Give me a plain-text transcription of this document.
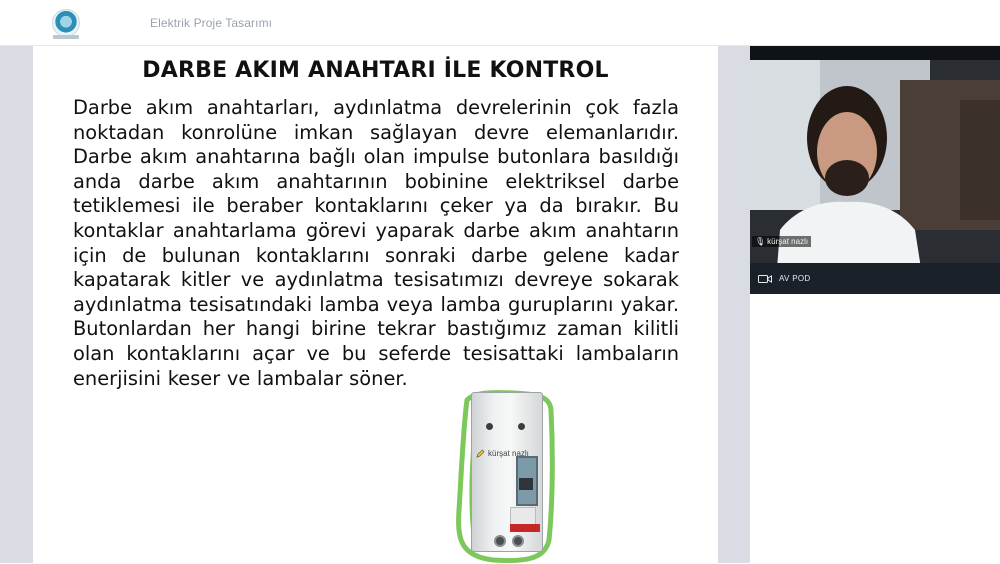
Elektrik Proje Tasarımı
DARBE AKIM ANAHTARI İLE KONTROL
Darbe akım anahtarları, aydınlatma devrelerinin çok fazla noktadan konrolüne imkan sağlayan devre elemanlarıdır. Darbe akım anahtarına bağlı olan impulse butonlara basıldığı anda darbe akım anahtarının bobinine elektriksel darbe tetiklemesi ile beraber kontaklarını çeker ya da bırakır. Bu kontaklar anahtarlama görevi yaparak darbe akım anahtarın için de bulunan kontaklarını sonraki darbe gelene kadar kapatarak kitler ve aydınlatma tesisatımızı devreye sokarak aydınlatma tesisatındaki lamba veya lamba guruplarını yakar. Butonlardan her hangi birine tekrar bastığımız zaman kilitli olan kontaklarını açar ve bu seferde tesisattaki lambaların enerjisini keser ve lambalar söner.
kürşat nazlı
🎙 kürşat nazlı
AV POD
